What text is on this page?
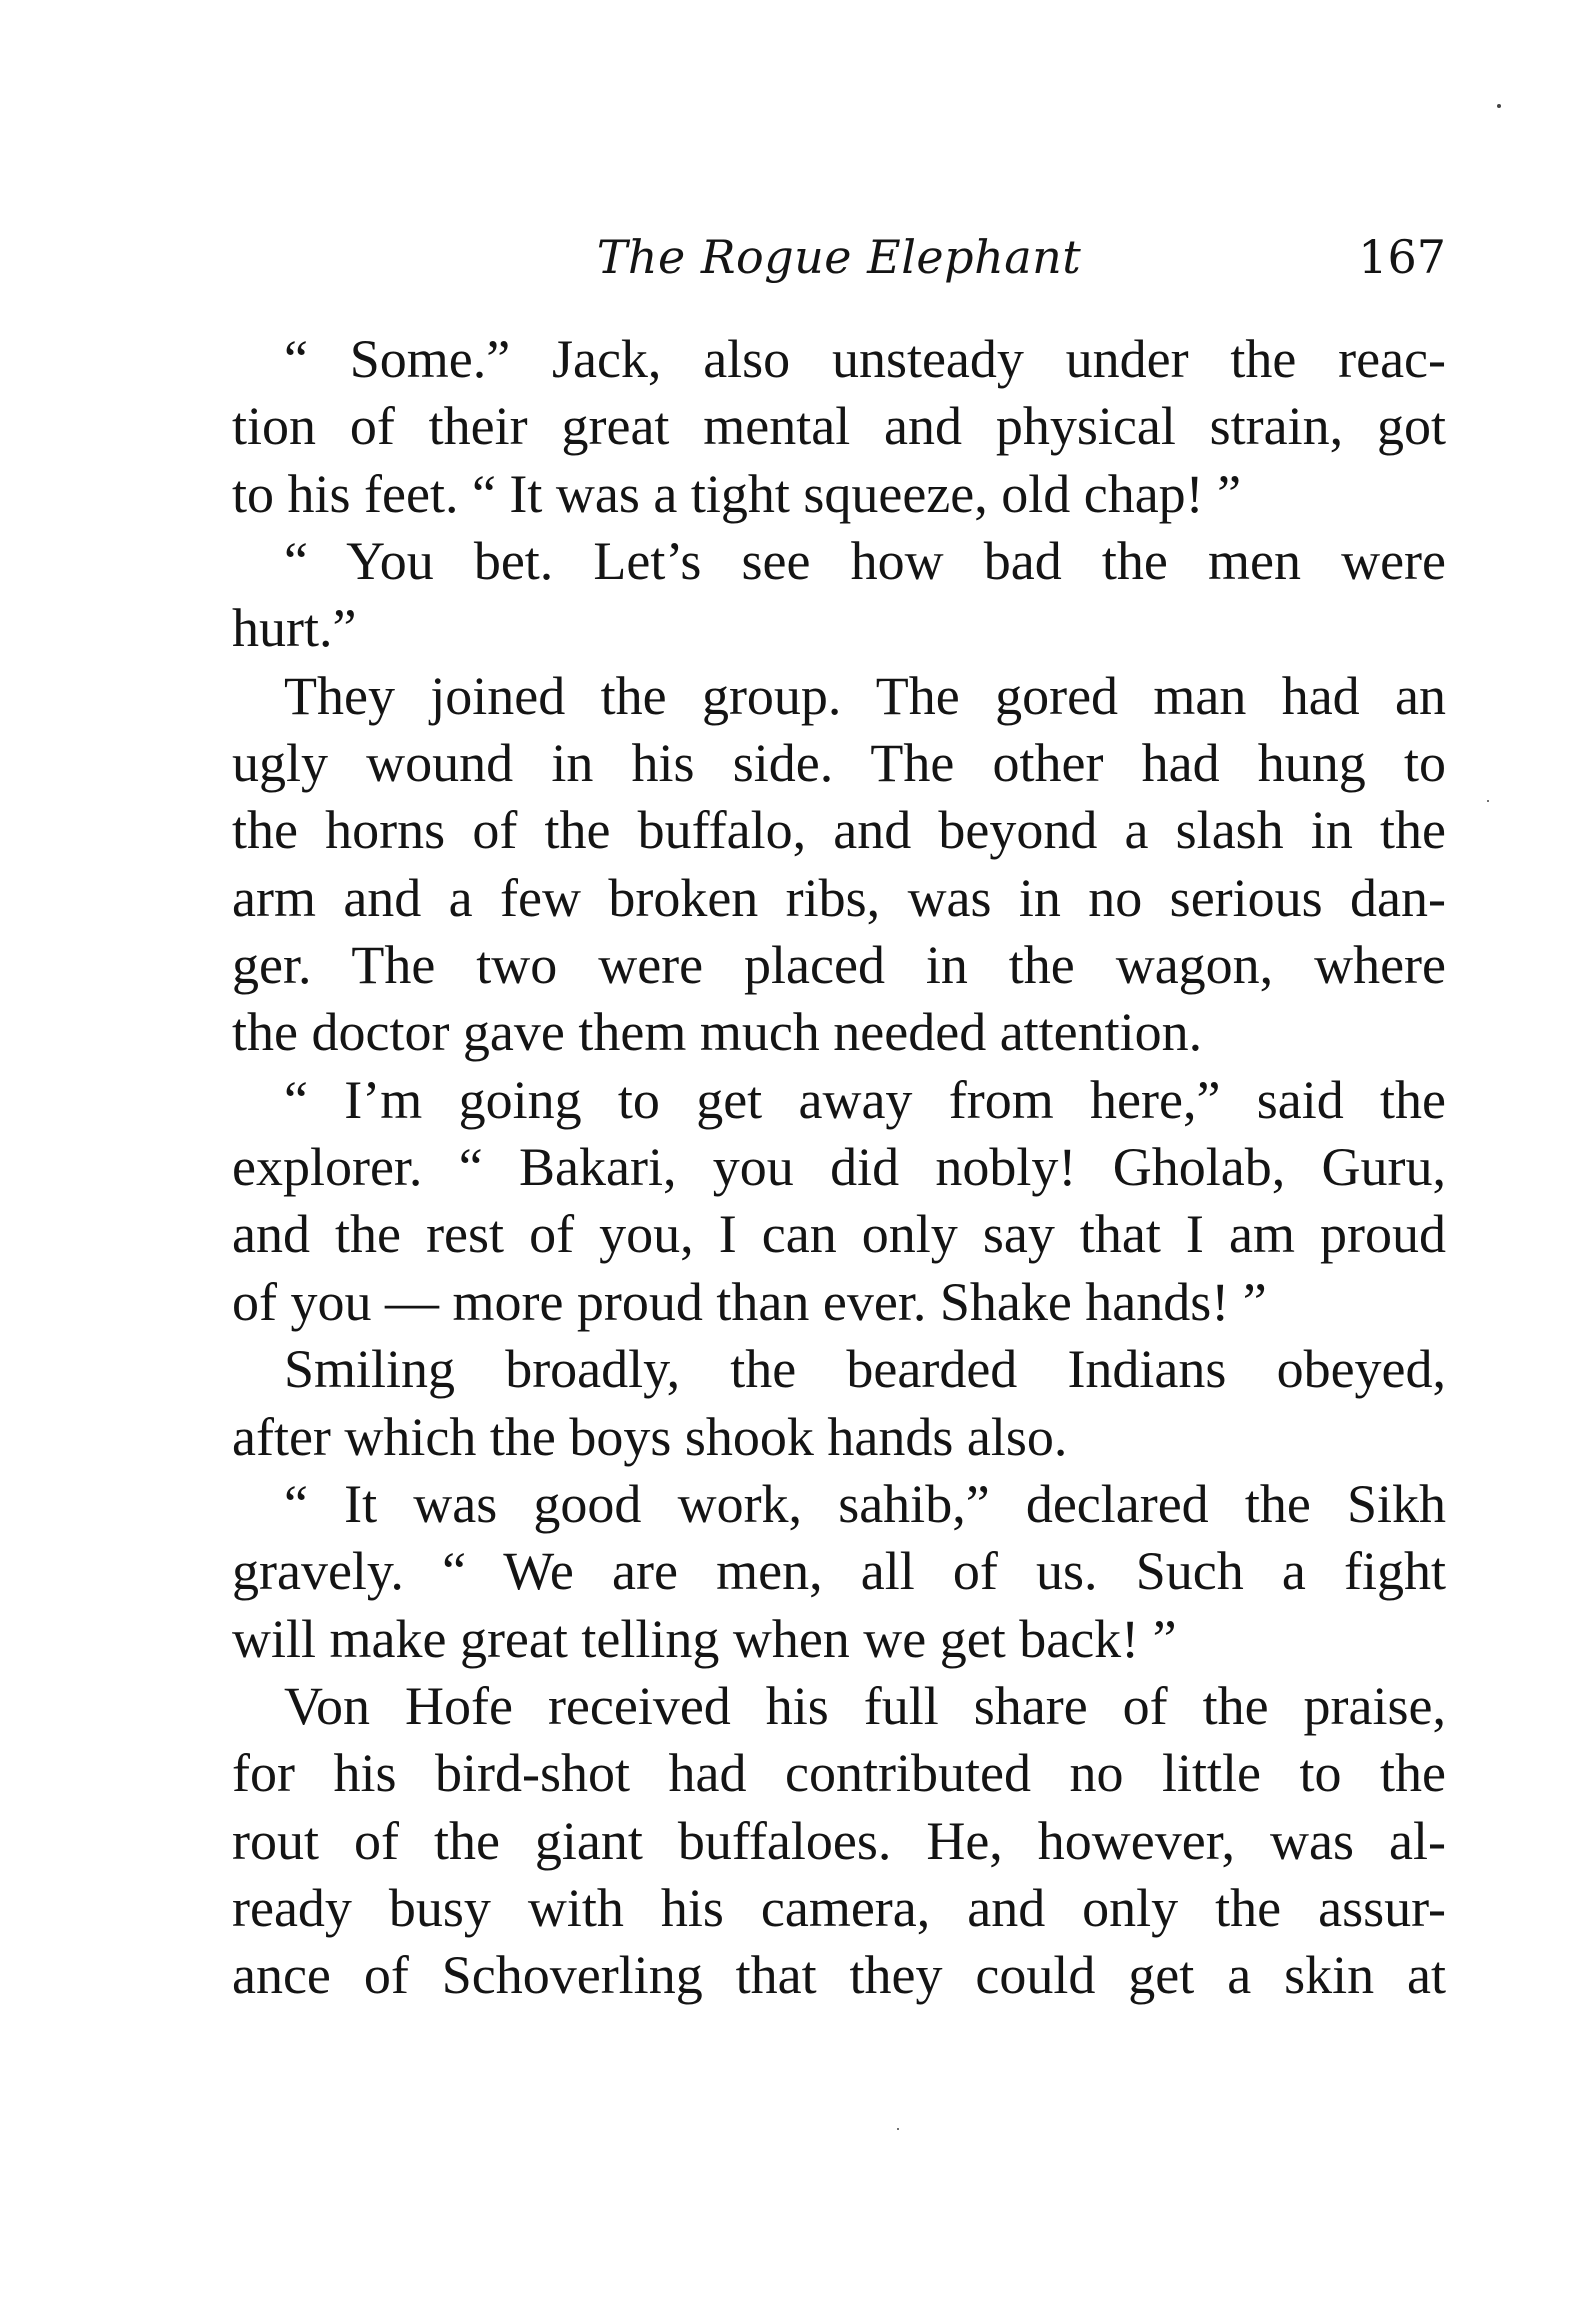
The Rogue Elephant	167
“ Some.” Jack, also unsteady under the reac-
tion of their great mental and physical strain, got
to his feet. “ It was a tight squeeze, old chap! ”
“ You bet. Let’s see how bad the men were
hurt.”
They joined the group. The gored man had an
ugly wound in his side. The other had hung to
the horns of the buffalo, and beyond a slash in the
arm and a few broken ribs, was in no serious dan-
ger. The two were placed in the wagon, where
the doctor gave them much needed attention.
“ I’m going to get away from here,” said the
explorer. “ Bakari, you did nobly! Gholab, Guru,
and the rest of you, I can only say that I am proud
of you — more proud than ever. Shake hands! ”
Smiling broadly, the bearded Indians obeyed,
after which the boys shook hands also.
“ It was good work, sahib,” declared the Sikh
gravely. “ We are men, all of us. Such a fight
will make great telling when we get back! ”
Von Hofe received his full share of the praise,
for his bird-shot had contributed no little to the
rout of the giant buffaloes. He, however, was al-
ready busy with his camera, and only the assur-
ance of Schoverling that they could get a skin at
